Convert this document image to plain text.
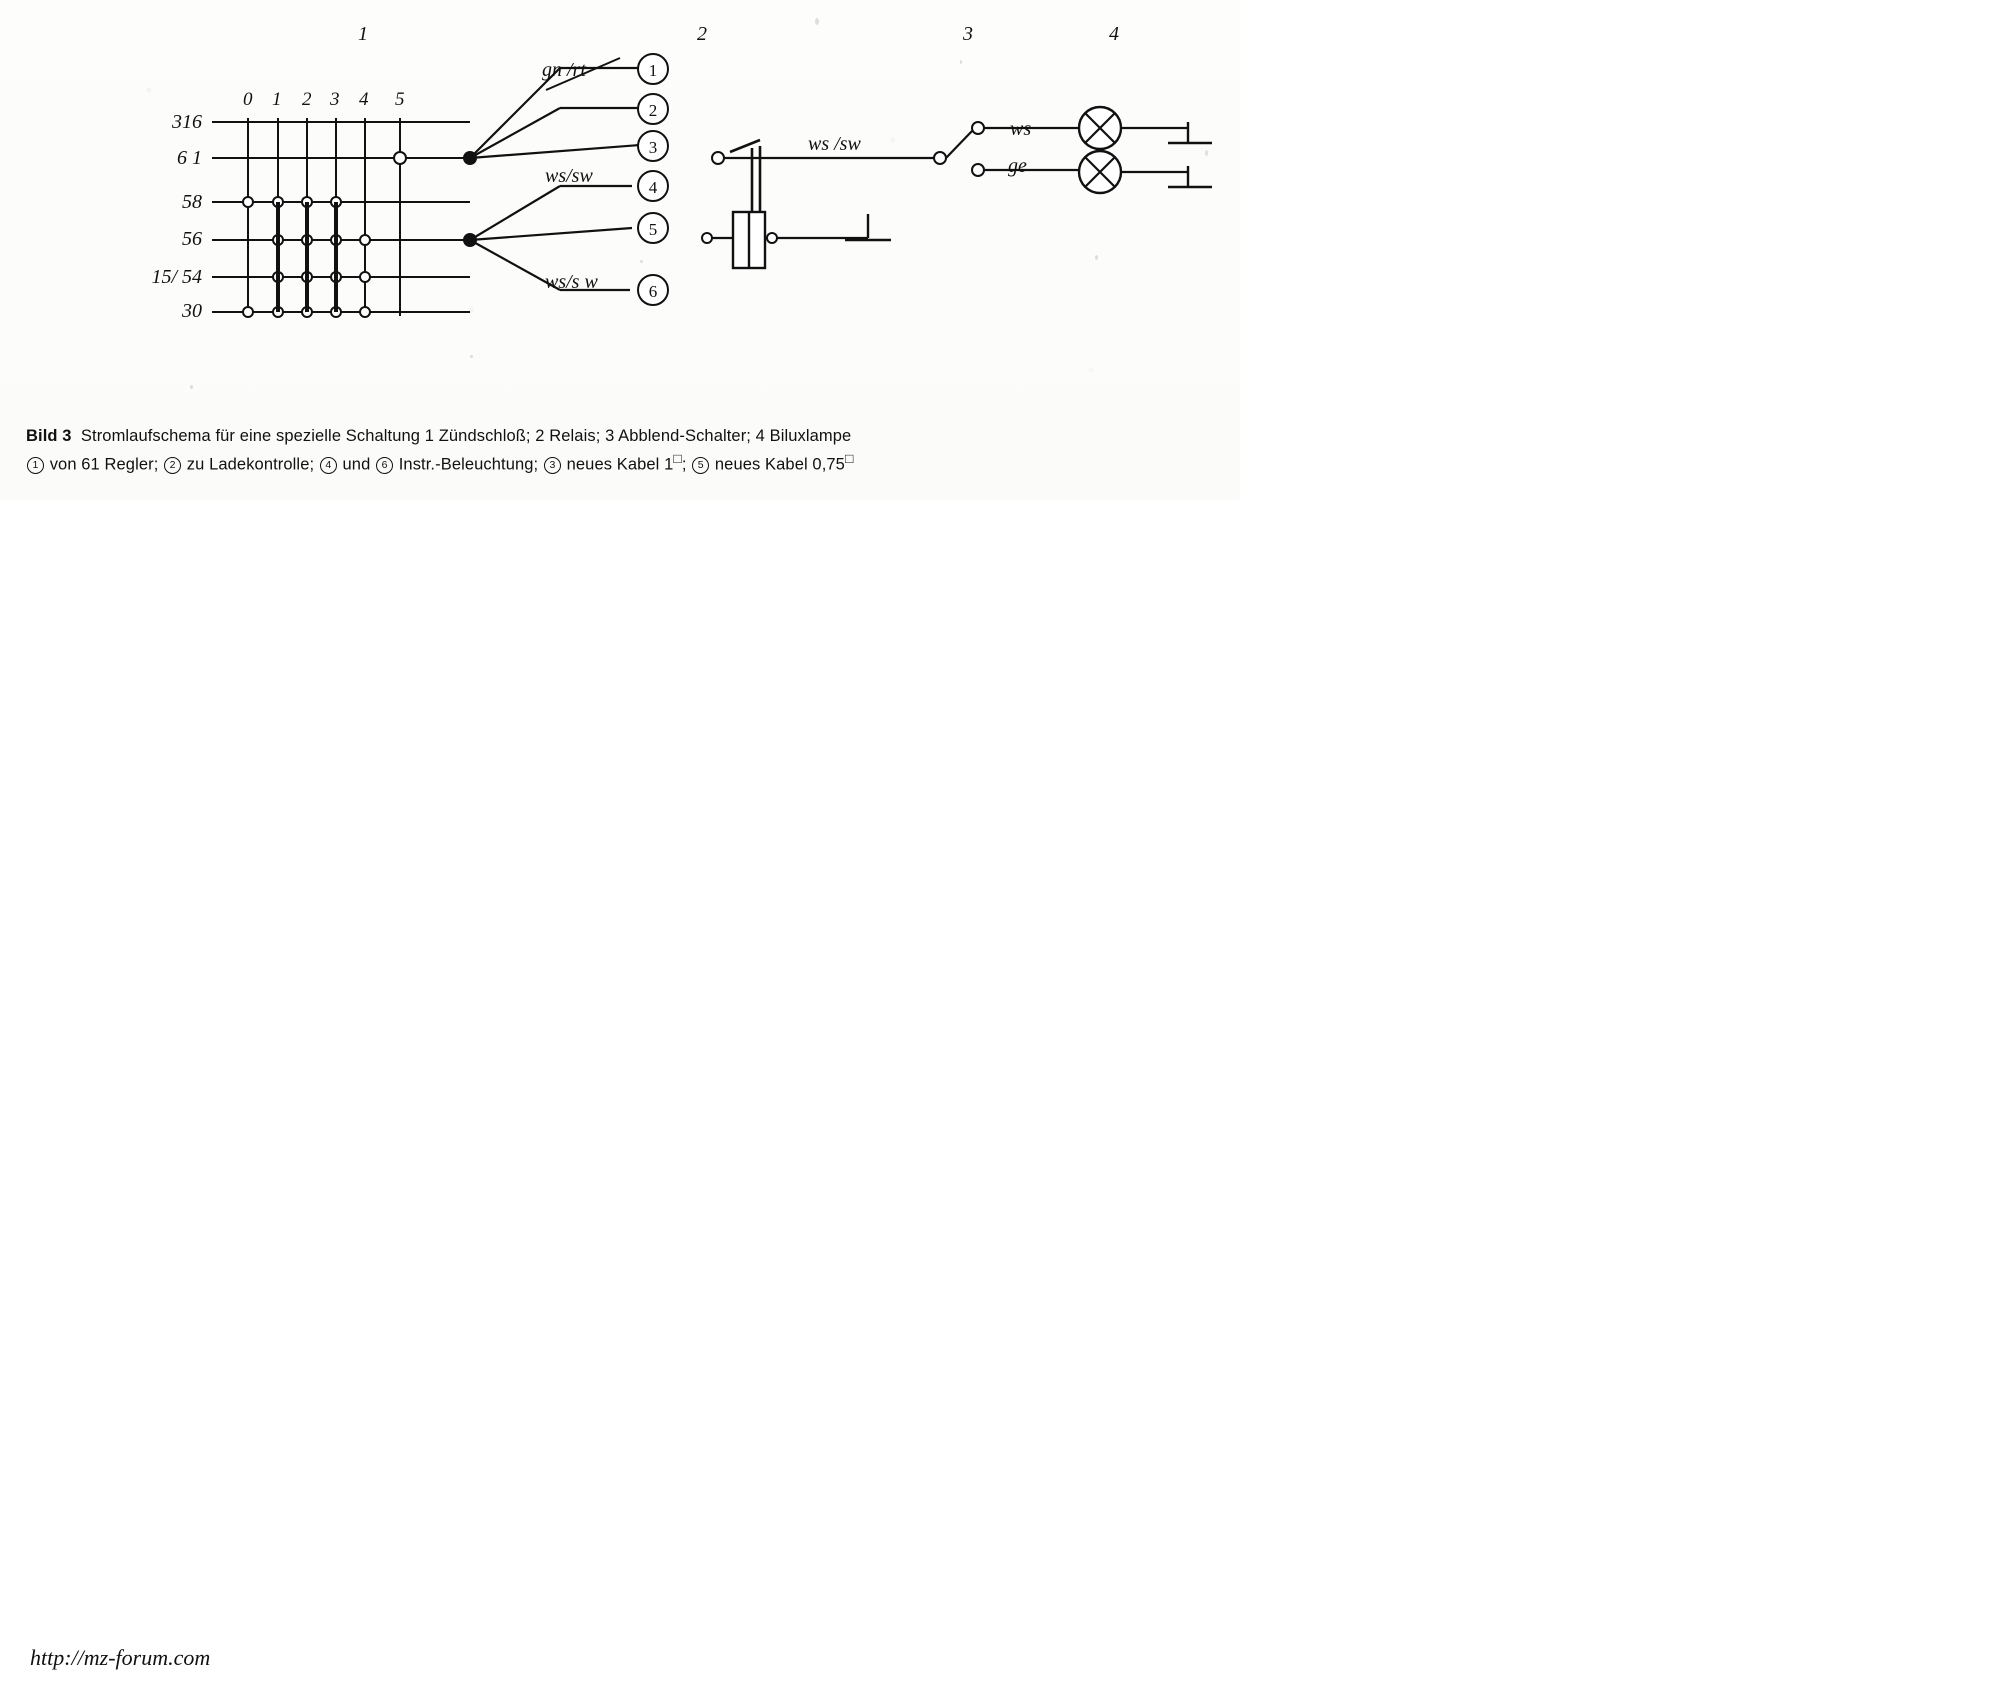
1	2	3	4
0 1 2 3 4 5
316
6 1
58
56
15/ 54
30
1
2
3
4
5
6
gn /rt
ws/sw
ws/s w
ws /sw
ws
ge
Bild 3 Stromlaufschema für eine spezielle Schaltung 1 Zündschloß; 2 Relais; 3 Abblend-Schalter; 4 Biluxlampe
1 von 61 Regler; 2 zu Ladekontrolle; 4 und 6 Instr.-Beleuchtung; 3 neues Kabel 1□; 5 neues Kabel 0,75□
http://mz-forum.com
